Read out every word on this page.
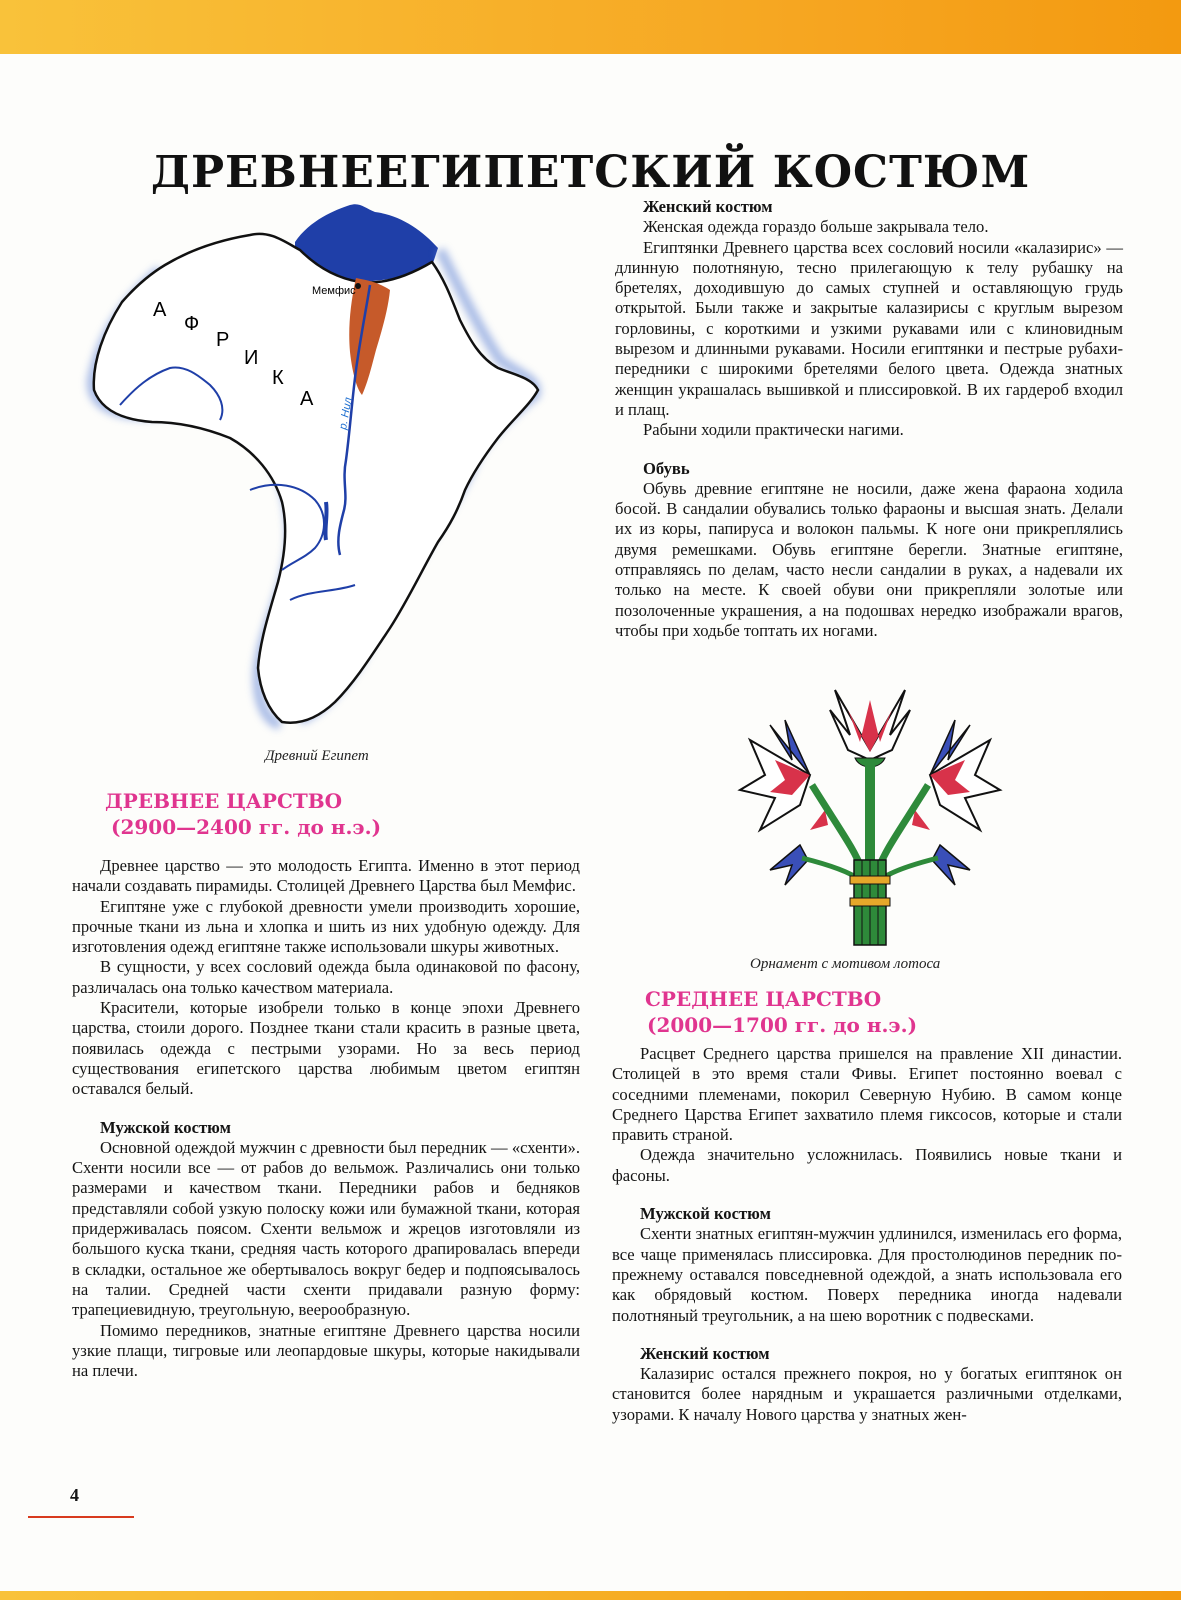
ДРЕВНЕЕГИПЕТСКИЙ КОСТЮМ
А
Ф
Р
И
К
А
Мемфис
р. Нил
Древний Египет
ДРЕВНЕЕ ЦАРСТВО
(2900—2400 гг. до н.э.)

Древнее царство — это молодость Египта. Именно в этот период начали создавать пирамиды. Столицей Древнего Царства был Мемфис.

Египтяне уже с глубокой древности умели производить хорошие, прочные ткани из льна и хлопка и шить из них удобную одежду. Для изготовления одежд египтяне также использовали шкуры животных.

В сущности, у всех сословий одежда была одинаковой по фасону, различалась она только качеством материала.

Красители, которые изобрели только в конце эпохи Древнего царства, стоили дорого. Позднее ткани стали красить в разные цвета, появилась одежда с пестрыми узорами. Но за весь период существования египетского царства любимым цветом египтян оставался белый.

Мужской костюм

Основной одеждой мужчин с древности был передник — «схенти». Схенти носили все — от рабов до вельмож. Различались они только размерами и качеством ткани. Передники рабов и бедняков представляли собой узкую полоску кожи или бумажной ткани, которая придерживалась поясом. Схенти вельмож и жрецов изготовляли из большого куска ткани, средняя часть которого драпировалась впереди в складки, остальное же обертывалось вокруг бедер и подпоясывалось на талии. Средней части схенти придавали разную форму: трапециевидную, треугольную, веерообразную.

Помимо передников, знатные египтяне Древнего царства носили узкие плащи, тигровые или леопардовые шкуры, которые накидывали на плечи.

Женский костюм

Женская одежда гораздо больше закрывала тело.

Египтянки Древнего царства всех сословий носили «калазирис» — длинную полотняную, тесно прилегающую к телу рубашку на бретелях, доходившую до самых ступней и оставляющую грудь открытой. Были также и закрытые калазирисы с круглым вырезом горловины, с короткими и узкими рукавами или с клиновидным вырезом и длинными рукавами. Носили египтянки и пестрые рубахи-передники с широкими бретелями белого цвета. Одежда знатных женщин украшалась вышивкой и плиссировкой. В их гардероб входил и плащ.

Рабыни ходили практически нагими.

Обувь

Обувь древние египтяне не носили, даже жена фараона ходила босой. В сандалии обувались только фараоны и высшая знать. Делали их из коры, папируса и волокон пальмы. К ноге они прикреплялись двумя ремешками. Обувь египтяне берегли. Знатные египтяне, отправляясь по делам, часто несли сандалии в руках, а надевали их только на месте. К своей обуви они прикрепляли золотые или позолоченные украшения, а на подошвах нередко изображали врагов, чтобы при ходьбе топтать их ногами.

Орнамент с мотивом лотоса
СРЕДНЕЕ ЦАРСТВО
(2000—1700 гг. до н.э.)

Расцвет Среднего царства пришелся на правление XII династии. Столицей в это время стали Фивы. Египет постоянно воевал с соседними племенами, покорил Северную Нубию. В самом конце Среднего Царства Египет захватило племя гиксосов, которые и стали править страной.

Одежда значительно усложнилась. Появились новые ткани и фасоны.

Мужской костюм

Схенти знатных египтян-мужчин удлинился, изменилась его форма, все чаще применялась плиссировка. Для простолюдинов передник по-прежнему оставался повседневной одеждой, а знать использовала его как обрядовый костюм. Поверх передника иногда надевали полотняный треугольник, а на шею воротник с подвесками.

Женский костюм

Калазирис остался прежнего покроя, но у богатых египтянок он становится более нарядным и украшается различными отделками, узорами. К началу Нового царства у знатных жен-

4
